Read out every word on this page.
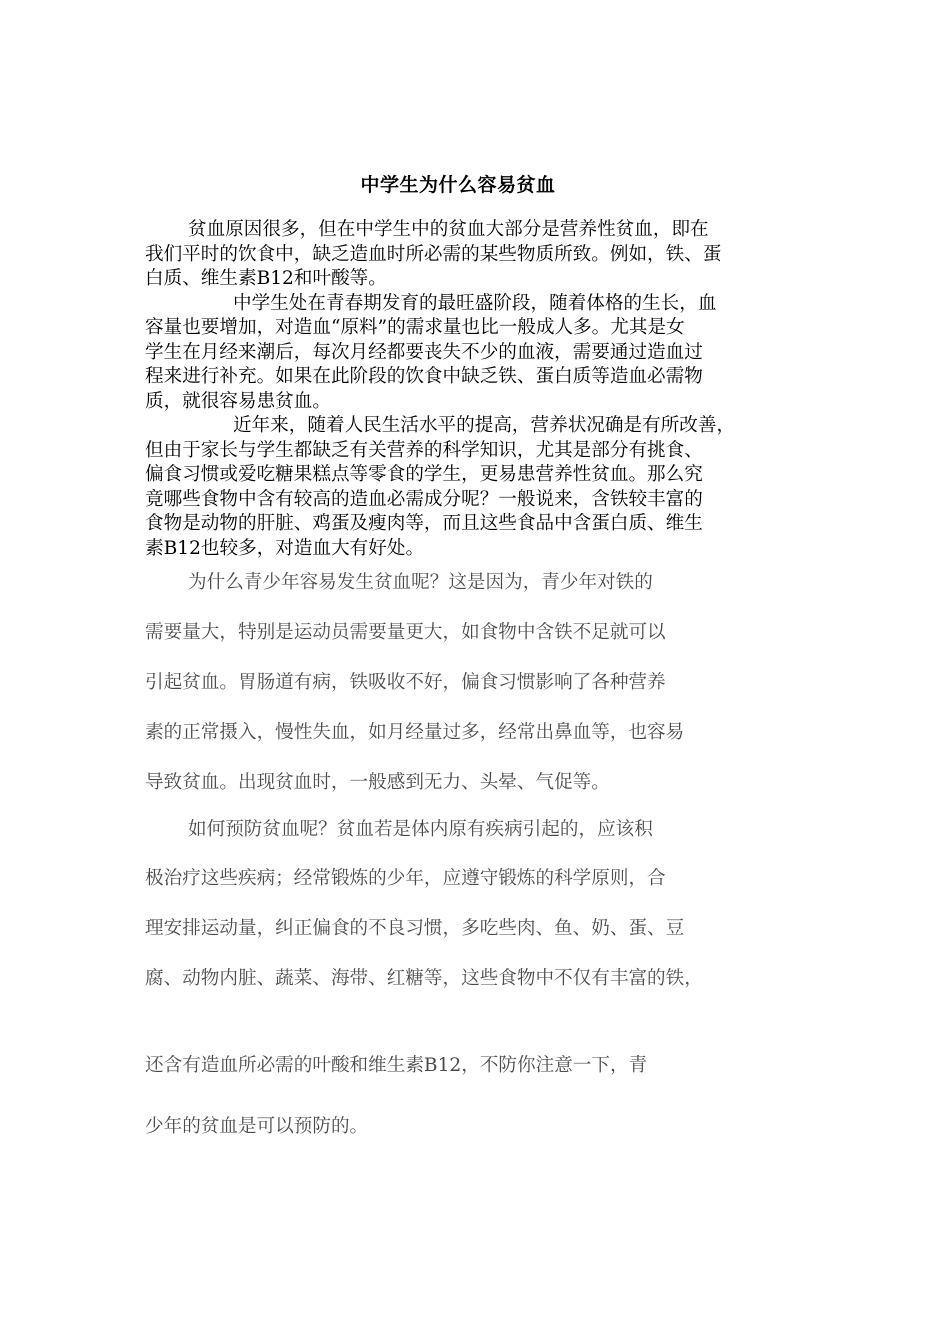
中学生为什么容易贫血
贫血原因很多，但在中学生中的贫血大部分是营养性贫血，即在
我们平时的饮食中，缺乏造血时所必需的某些物质所致。例如，铁、蛋
白质、维生素B12和叶酸等。
中学生处在青春期发育的最旺盛阶段，随着体格的生长，血
容量也要增加，对造血“原料”的需求量也比一般成人多。尤其是女
学生在月经来潮后，每次月经都要丧失不少的血液，需要通过造血过
程来进行补充。如果在此阶段的饮食中缺乏铁、蛋白质等造血必需物
质，就很容易患贫血。
近年来，随着人民生活水平的提高，营养状况确是有所改善，
但由于家长与学生都缺乏有关营养的科学知识，尤其是部分有挑食、
偏食习惯或爱吃糖果糕点等零食的学生，更易患营养性贫血。那么究
竟哪些食物中含有较高的造血必需成分呢？一般说来，含铁较丰富的
食物是动物的肝脏、鸡蛋及瘦肉等，而且这些食品中含蛋白质、维生
素B12也较多，对造血大有好处。
为什么青少年容易发生贫血呢？这是因为，青少年对铁的
需要量大，特别是运动员需要量更大，如食物中含铁不足就可以
引起贫血。胃肠道有病，铁吸收不好，偏食习惯影响了各种营养
素的正常摄入，慢性失血，如月经量过多，经常出鼻血等，也容易
导致贫血。出现贫血时，一般感到无力、头晕、气促等。
如何预防贫血呢？贫血若是体内原有疾病引起的，应该积
极治疗这些疾病；经常锻炼的少年，应遵守锻炼的科学原则，合
理安排运动量，纠正偏食的不良习惯，多吃些肉、鱼、奶、蛋、豆
腐、动物内脏、蔬菜、海带、红糖等，这些食物中不仅有丰富的铁，
还含有造血所必需的叶酸和维生素B12，不防你注意一下，青
少年的贫血是可以预防的。
